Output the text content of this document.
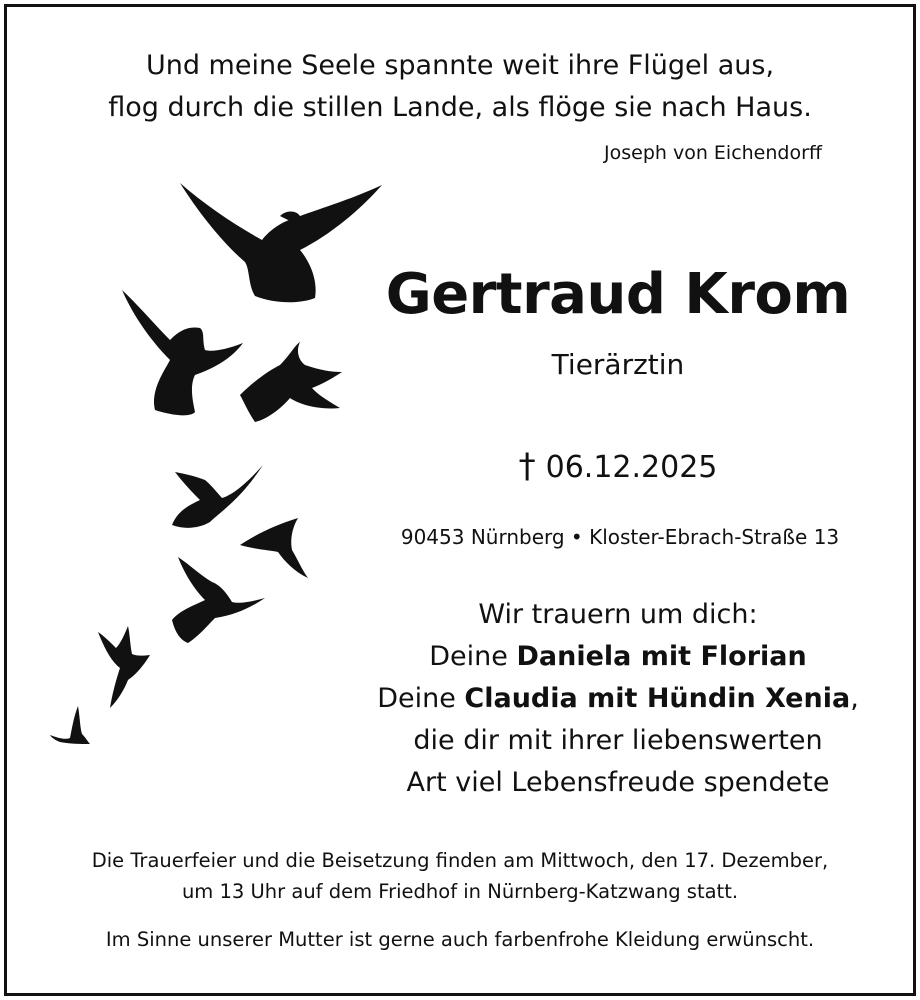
Und meine Seele spannte weit ihre Flügel aus,
flog durch die stillen Lande, als flöge sie nach Haus.
Joseph von Eichendorff
Gertraud Krom
Tierärztin
† 06.12.2025
90453 Nürnberg • Kloster-Ebrach-Straße 13
Wir trauern um dich:
Deine Daniela mit Florian
Deine Claudia mit Hündin Xenia,
die dir mit ihrer liebenswerten
Art viel Lebensfreude spendete
Die Trauerfeier und die Beisetzung finden am Mittwoch, den 17. Dezember,
um 13 Uhr auf dem Friedhof in Nürnberg-Katzwang statt.
Im Sinne unserer Mutter ist gerne auch farbenfrohe Kleidung erwünscht.
